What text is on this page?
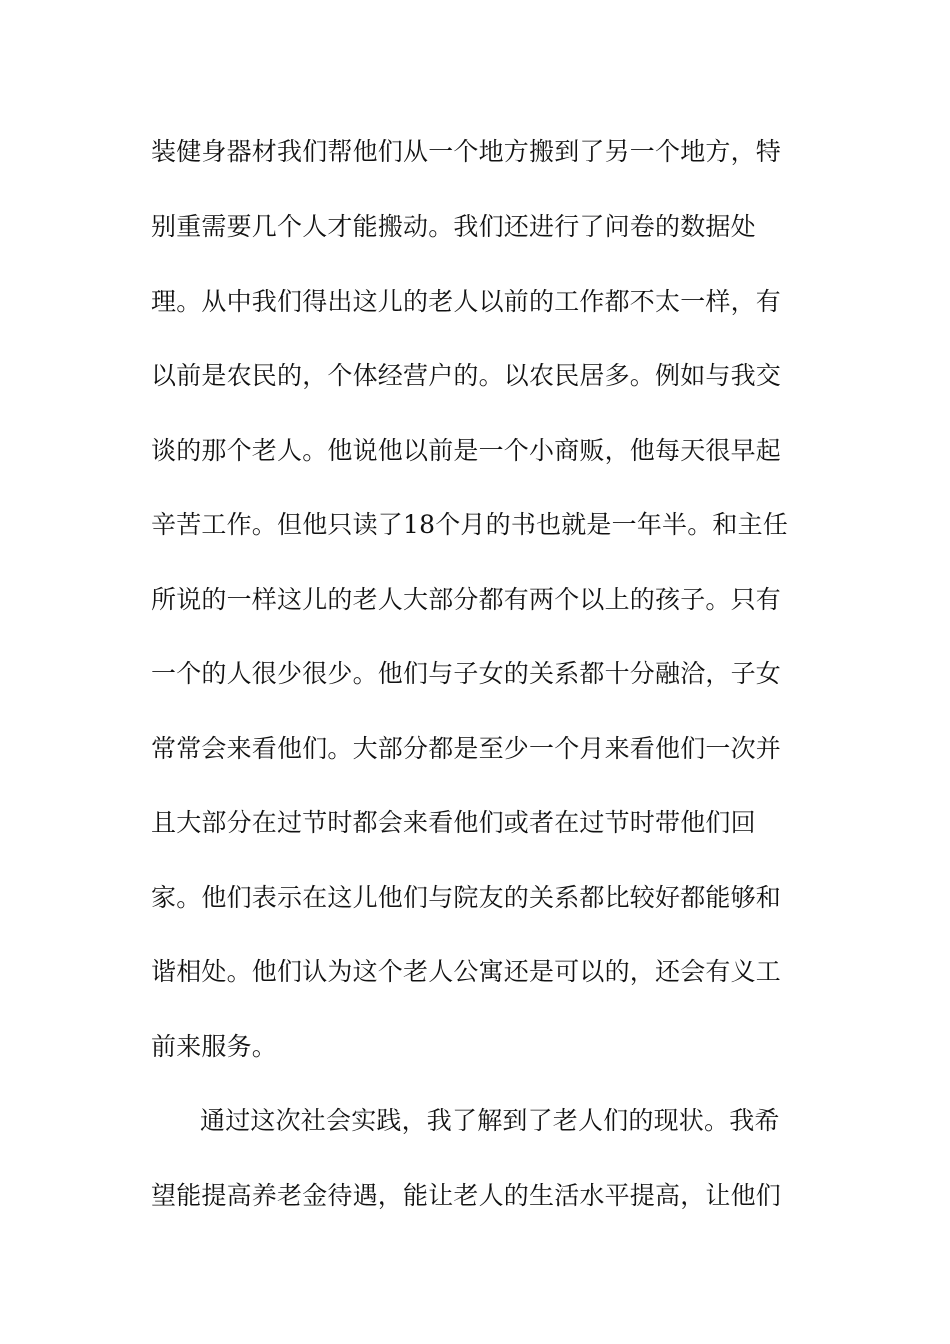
装健身器材我们帮他们从一个地方搬到了另一个地方，特
别重需要几个人才能搬动。我们还进行了问卷的数据处
理。从中我们得出这儿的老人以前的工作都不太一样，有
以前是农民的，个体经营户的。以农民居多。例如与我交
谈的那个老人。他说他以前是一个小商贩，他每天很早起
辛苦工作。但他只读了18个月的书也就是一年半。和主任
所说的一样这儿的老人大部分都有两个以上的孩子。只有
一个的人很少很少。他们与子女的关系都十分融洽，子女
常常会来看他们。大部分都是至少一个月来看他们一次并
且大部分在过节时都会来看他们或者在过节时带他们回
家。他们表示在这儿他们与院友的关系都比较好都能够和
谐相处。他们认为这个老人公寓还是可以的，还会有义工
前来服务。
通过这次社会实践，我了解到了老人们的现状。我希
望能提高养老金待遇，能让老人的生活水平提高，让他们
